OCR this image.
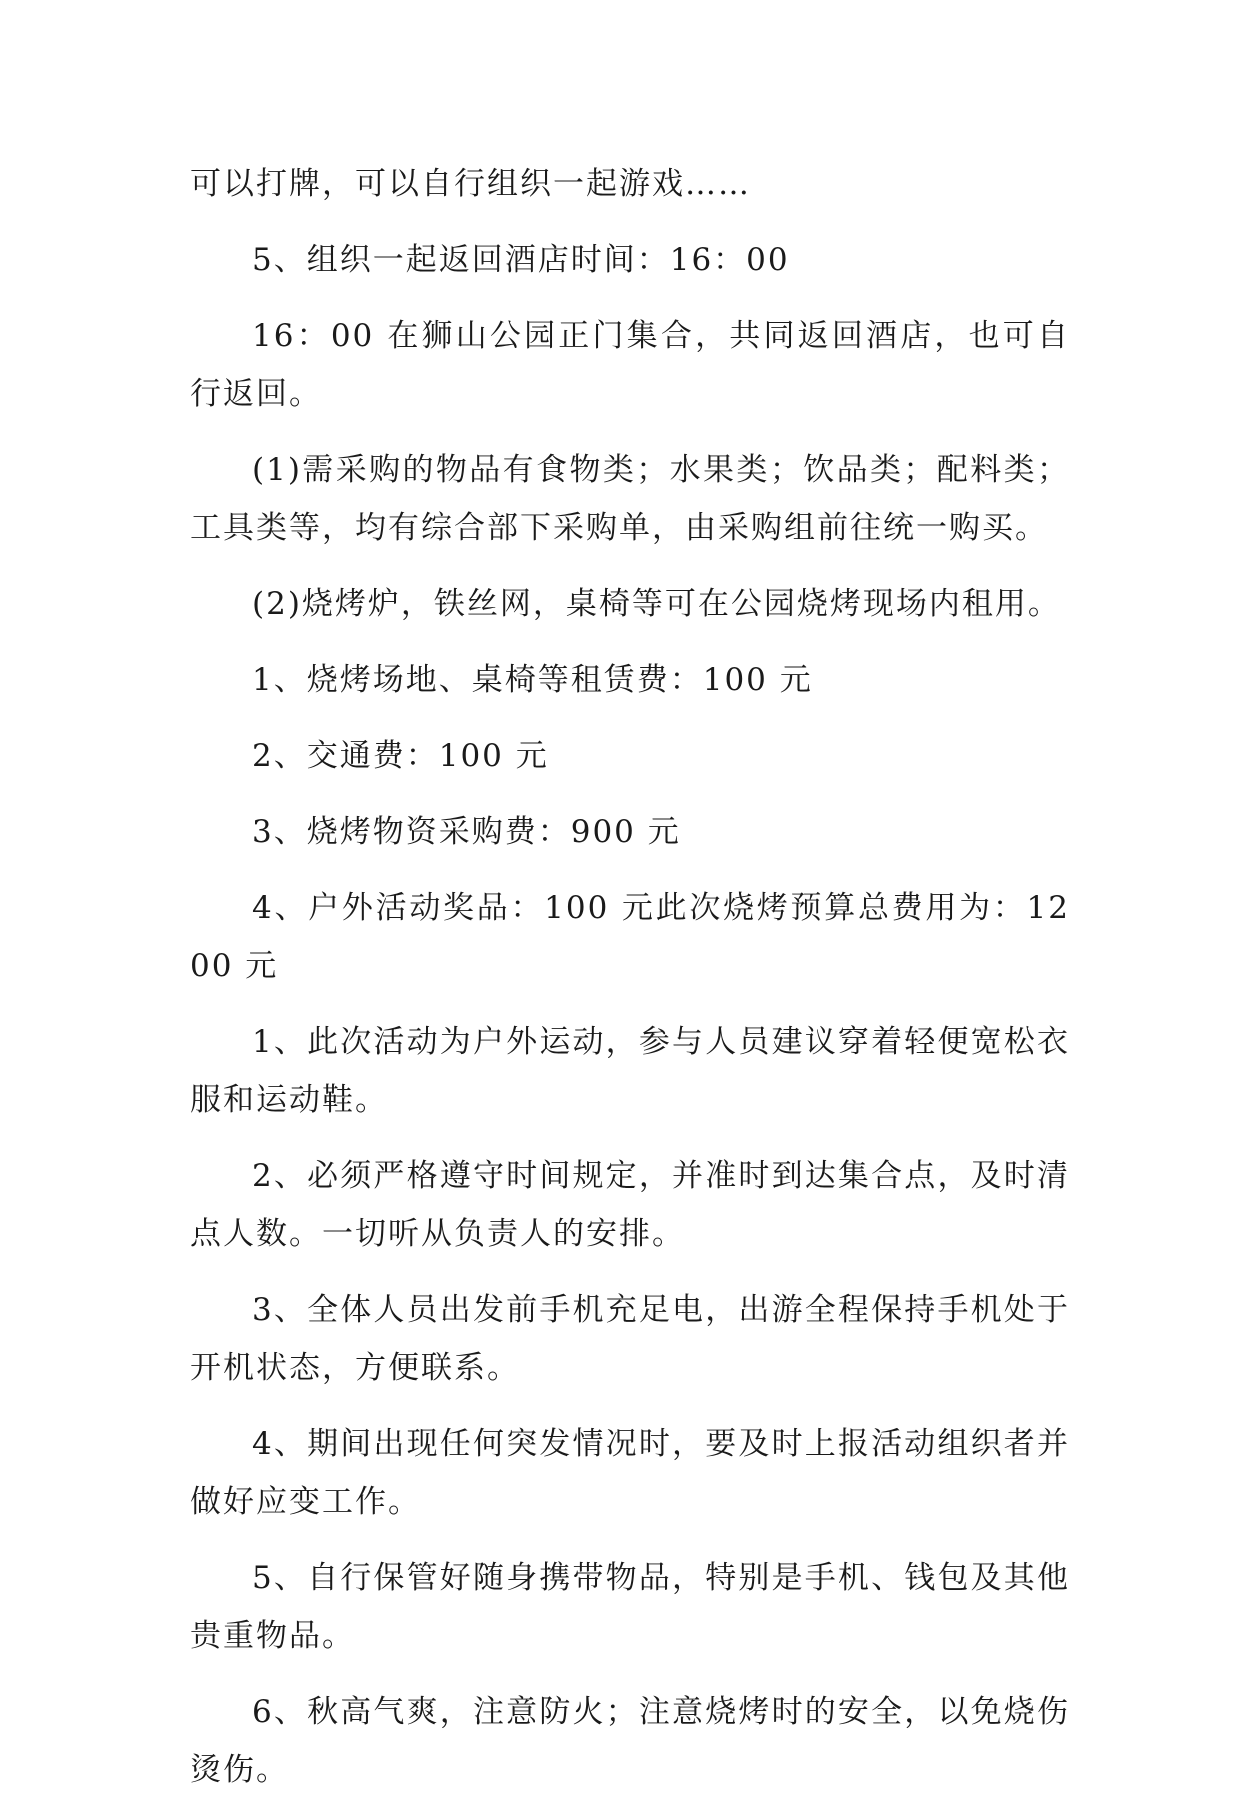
可以打牌，可以自行组织一起游戏……

5、组织一起返回酒店时间：16：00

16：00 在狮山公园正门集合，共同返回酒店，也可自行返回。

(1)需采购的物品有食物类；水果类；饮品类；配料类；工具类等，均有综合部下采购单，由采购组前往统一购买。

(2)烧烤炉，铁丝网，桌椅等可在公园烧烤现场内租用。

1、烧烤场地、桌椅等租赁费：100 元

2、交通费：100 元

3、烧烤物资采购费：900 元

4、户外活动奖品：100 元此次烧烤预算总费用为：1200 元

1、此次活动为户外运动，参与人员建议穿着轻便宽松衣服和运动鞋。

2、必须严格遵守时间规定，并准时到达集合点，及时清点人数。一切听从负责人的安排。

3、全体人员出发前手机充足电，出游全程保持手机处于开机状态，方便联系。

4、期间出现任何突发情况时，要及时上报活动组织者并做好应变工作。

5、自行保管好随身携带物品，特别是手机、钱包及其他贵重物品。

6、秋高气爽，注意防火；注意烧烤时的安全，以免烧伤烫伤。
